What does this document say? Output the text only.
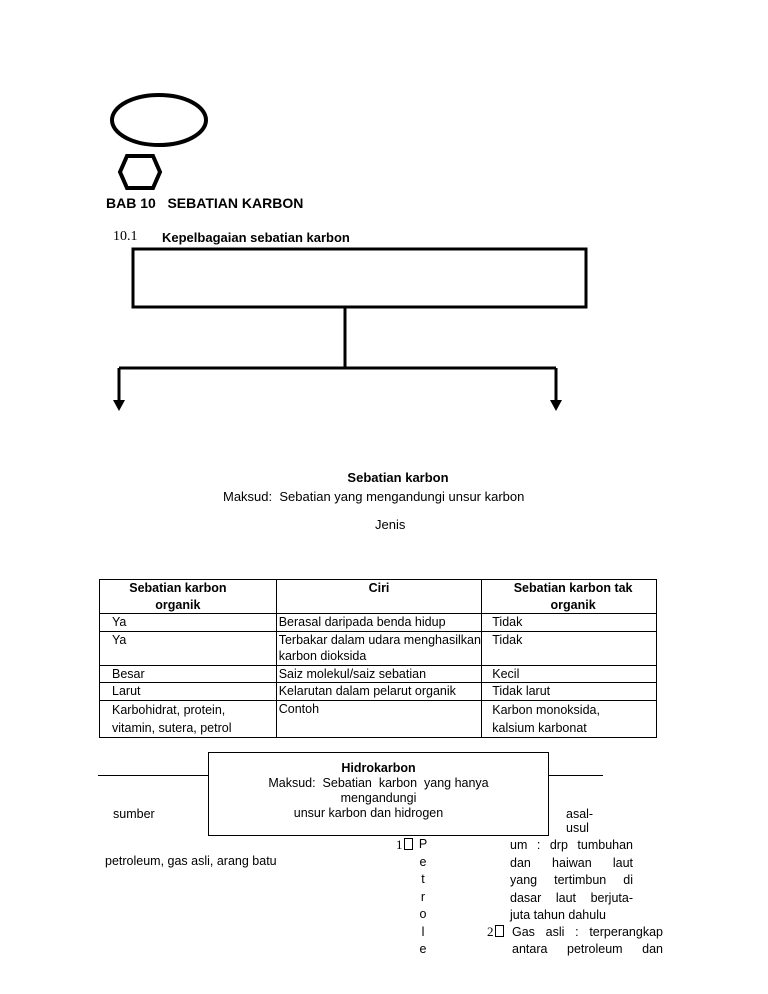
BAB 10   SEBATIAN KARBON
10.1 Kepelbagaian sebatian karbon
Sebatian karbon
Maksud:  Sebatian yang mengandungi unsur karbon
Jenis
Sebatian karbon organik	Ciri	Sebatian karbon tak organik
Ya	Berasal daripada benda hidup	Tidak
Ya	Terbakar dalam udara menghasilkan karbon dioksida	Tidak
Besar	Saiz molekul/saiz sebatian	Kecil
Larut	Kelarutan dalam pelarut organik	Tidak larut
Karbohidrat, protein, vitamin, sutera, petrol	Contoh	Karbon monoksida, kalsium karbonat
Hidrokarbon
Maksud:  Sebatian  karbon  yang hanya
mengandungi
unsur karbon dan hidrogen
sumber
petroleum, gas asli, arang batu
1	P
e
t
r
o
l
e
asal-
usul
um : drp tumbuhan
dan haiwan laut
yang tertimbun di
dasar laut berjuta-
juta tahun dahulu
2	Gas asli : terperangkap
antara petroleum dan
